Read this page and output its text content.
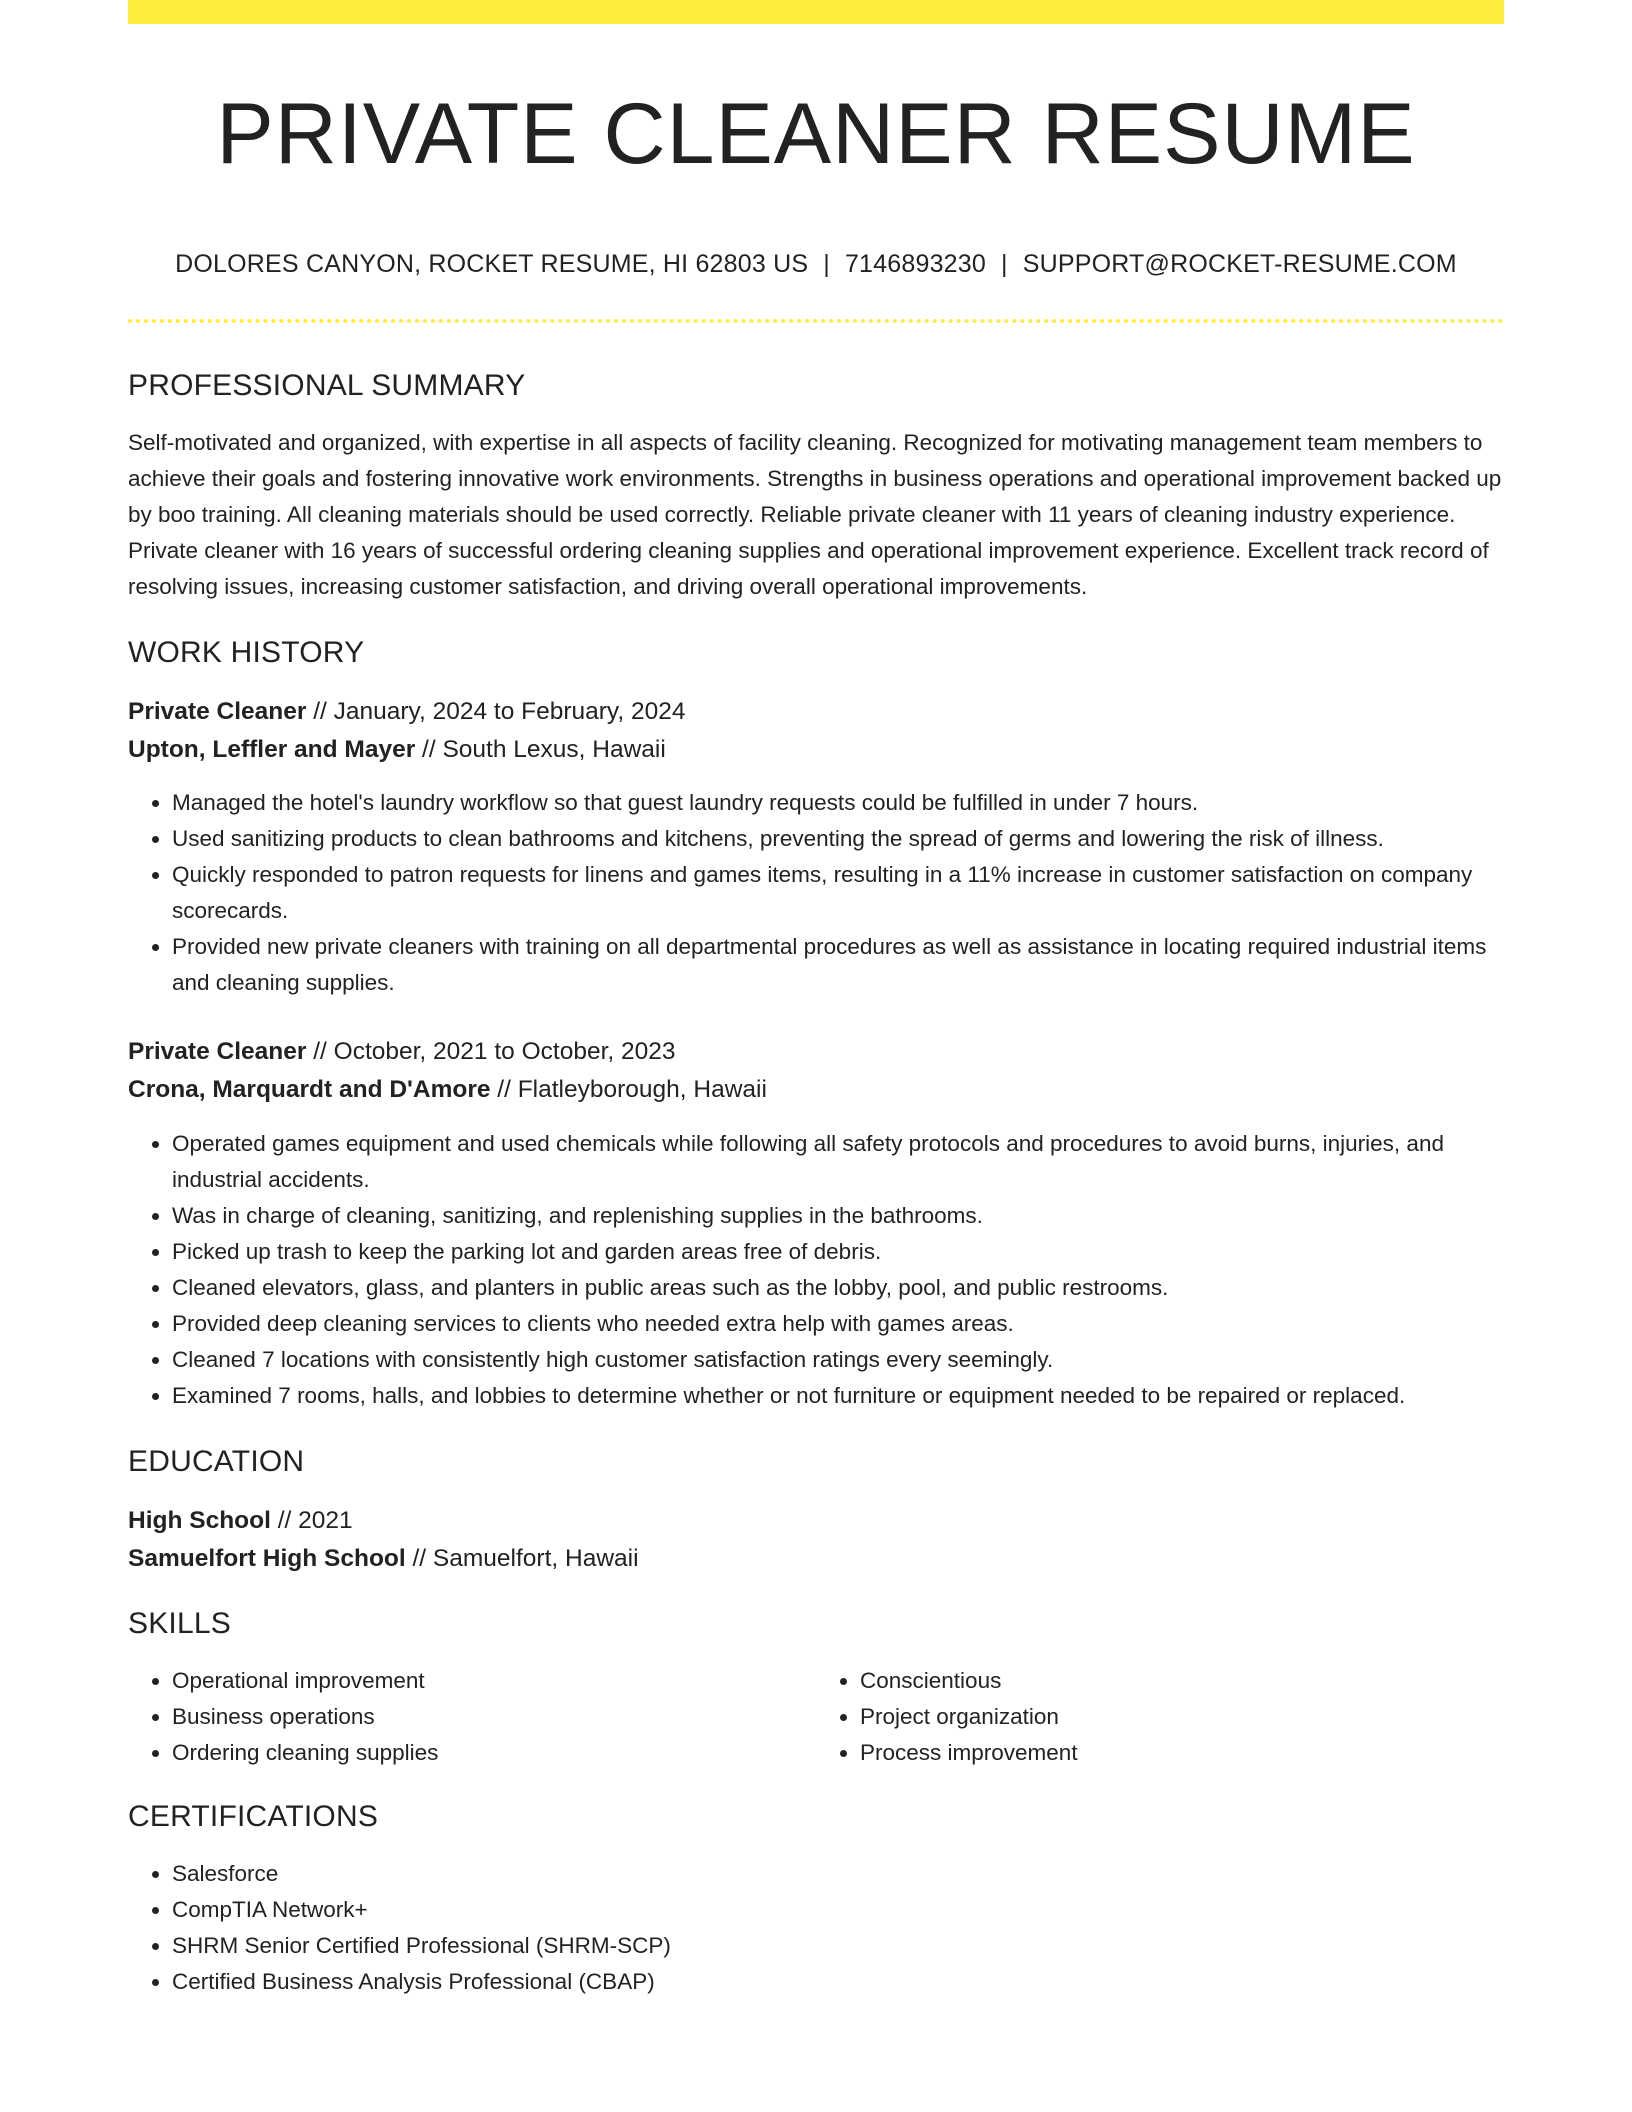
PRIVATE CLEANER RESUME
DOLORES CANYON, ROCKET RESUME, HI 62803 US | 7146893230 | SUPPORT@ROCKET-RESUME.COM
PROFESSIONAL SUMMARY

Self-motivated and organized, with expertise in all aspects of facility cleaning. Recognized for motivating management team members to achieve their goals and fostering innovative work environments. Strengths in business operations and operational improvement backed up by boo training. All cleaning materials should be used correctly. Reliable private cleaner with 11 years of cleaning industry experience. Private cleaner with 16 years of successful ordering cleaning supplies and operational improvement experience. Excellent track record of resolving issues, increasing customer satisfaction, and driving overall operational improvements.

WORK HISTORY

Private Cleaner // January, 2024 to February, 2024

Upton, Leffler and Mayer // South Lexus, Hawaii

• Managed the hotel's laundry workflow so that guest laundry requests could be fulfilled in under 7 hours.
• Used sanitizing products to clean bathrooms and kitchens, preventing the spread of germs and lowering the risk of illness.
• Quickly responded to patron requests for linens and games items, resulting in a 11% increase in customer satisfaction on company scorecards.
• Provided new private cleaners with training on all departmental procedures as well as assistance in locating required industrial items and cleaning supplies.

Private Cleaner // October, 2021 to October, 2023

Crona, Marquardt and D'Amore // Flatleyborough, Hawaii

• Operated games equipment and used chemicals while following all safety protocols and procedures to avoid burns, injuries, and industrial accidents.
• Was in charge of cleaning, sanitizing, and replenishing supplies in the bathrooms.
• Picked up trash to keep the parking lot and garden areas free of debris.
• Cleaned elevators, glass, and planters in public areas such as the lobby, pool, and public restrooms.
• Provided deep cleaning services to clients who needed extra help with games areas.
• Cleaned 7 locations with consistently high customer satisfaction ratings every seemingly.
• Examined 7 rooms, halls, and lobbies to determine whether or not furniture or equipment needed to be repaired or replaced.
EDUCATION

High School // 2021

Samuelfort High School // Samuelfort, Hawaii

SKILLS
• Operational improvement
• Business operations
• Ordering cleaning supplies
• Conscientious
• Project organization
• Process improvement
CERTIFICATIONS
• Salesforce
• CompTIA Network+
• SHRM Senior Certified Professional (SHRM-SCP)
• Certified Business Analysis Professional (CBAP)
